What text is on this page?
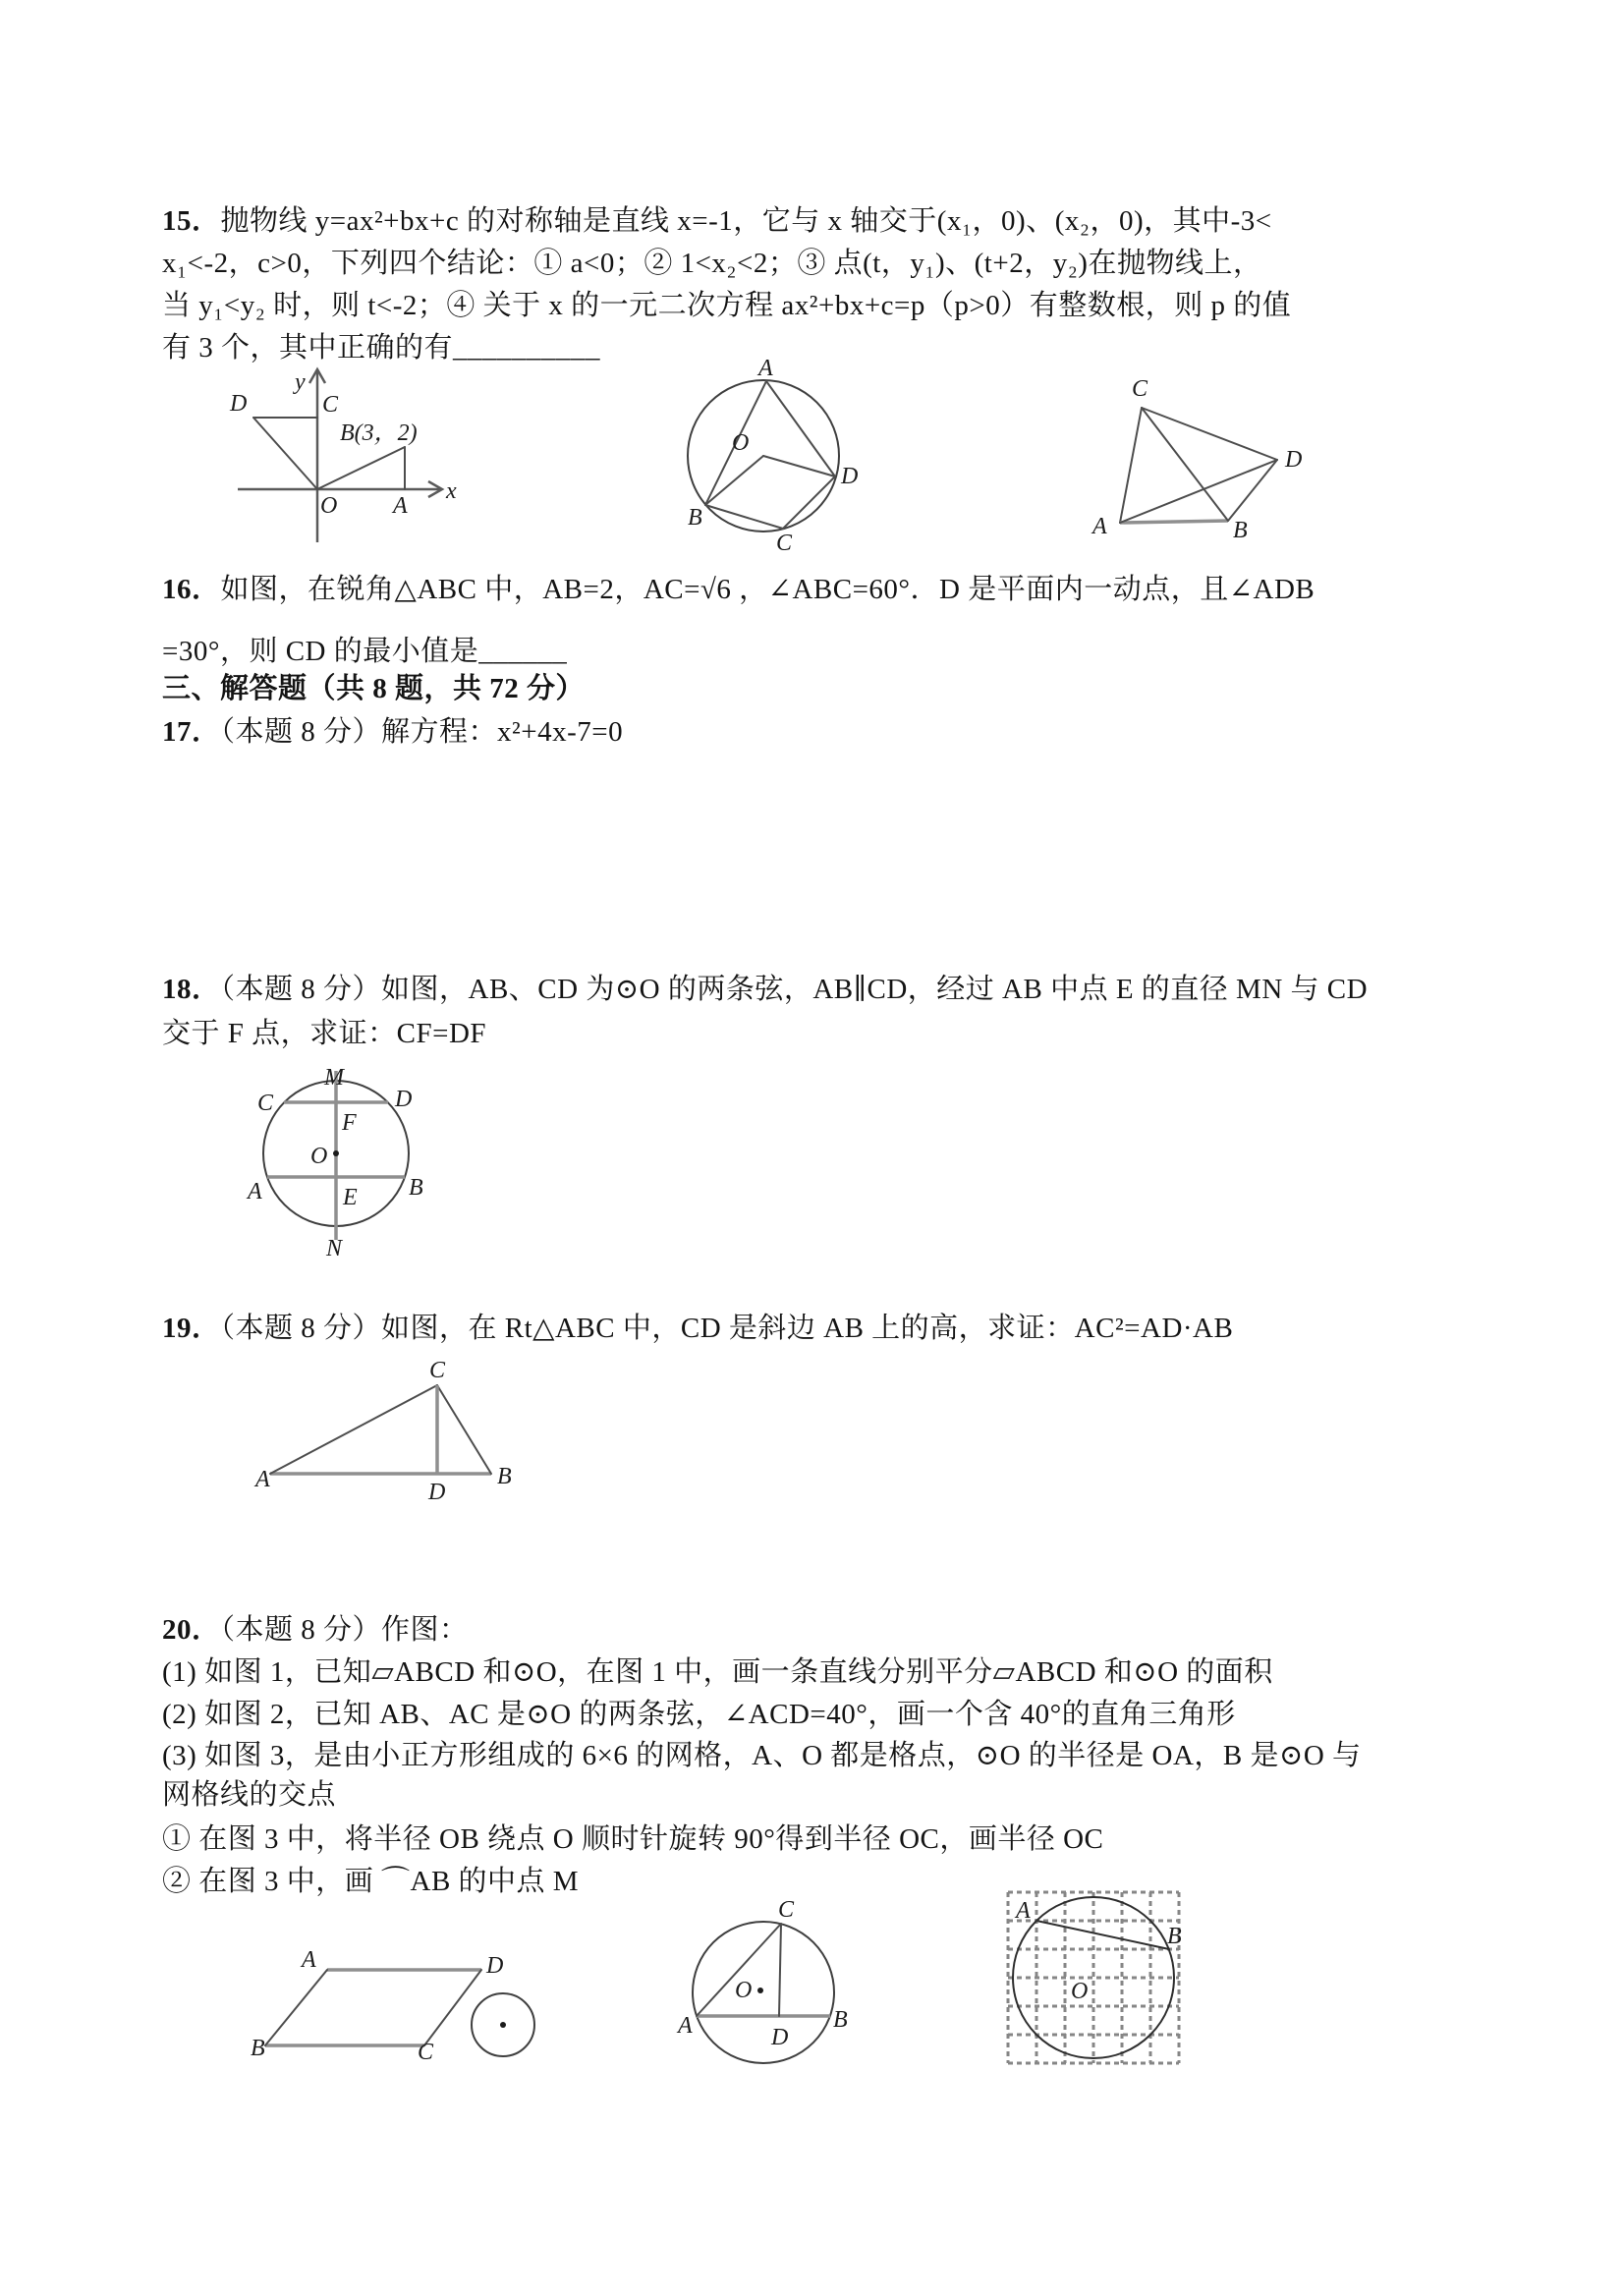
15．抛物线 y=ax²+bx+c 的对称轴是直线 x=-1，它与 x 轴交于(x₁，0)、(x₂，0)，其中-3<
x₁<-2，c>0，下列四个结论：① a<0；② 1<x₂<2；③ 点(t，y₁)、(t+2，y₂)在抛物线上，
当 y₁<y₂ 时，则 t<-2；④ 关于 x 的一元二次方程 ax²+bx+c=p（p>0）有整数根，则 p 的值
有 3 个，其中正确的有__________
y
x
O A
B(3，2)
C
D
A
B
C
D
O
C
D
A	B
16．如图，在锐角△ABC 中，AB=2，AC=√6 ，∠ABC=60°．D 是平面内一动点，且∠ADB
=30°，则 CD 的最小值是______
三、解答题（共 8 题，共 72 分）
17．（本题 8 分）解方程：x²+4x-7=0
18．（本题 8 分）如图，AB、CD 为⊙O 的两条弦，AB∥CD，经过 AB 中点 E 的直径 MN 与 CD
交于 F 点，求证：CF=DF
M
N
C	D
F
O
A	B
E
19．（本题 8 分）如图，在 Rt△ABC 中，CD 是斜边 AB 上的高，求证：AC²=AD·AB
C
A	B
D
20．（本题 8 分）作图：
(1) 如图 1，已知▱ABCD 和⊙O，在图 1 中，画一条直线分别平分▱ABCD 和⊙O 的面积
(2) 如图 2，已知 AB、AC 是⊙O 的两条弦，∠ACD=40°，画一个含 40°的直角三角形
(3) 如图 3，是由小正方形组成的 6×6 的网格，A、O 都是格点，⊙O 的半径是 OA，B 是⊙O 与
网格线的交点
① 在图 3 中，将半径 OB 绕点 O 顺时针旋转 90°得到半径 OC，画半径 OC
② 在图 3 中，画 ⌒AB 的中点 M
A	D
B	C
C
O
A	B
D
A
B
O
